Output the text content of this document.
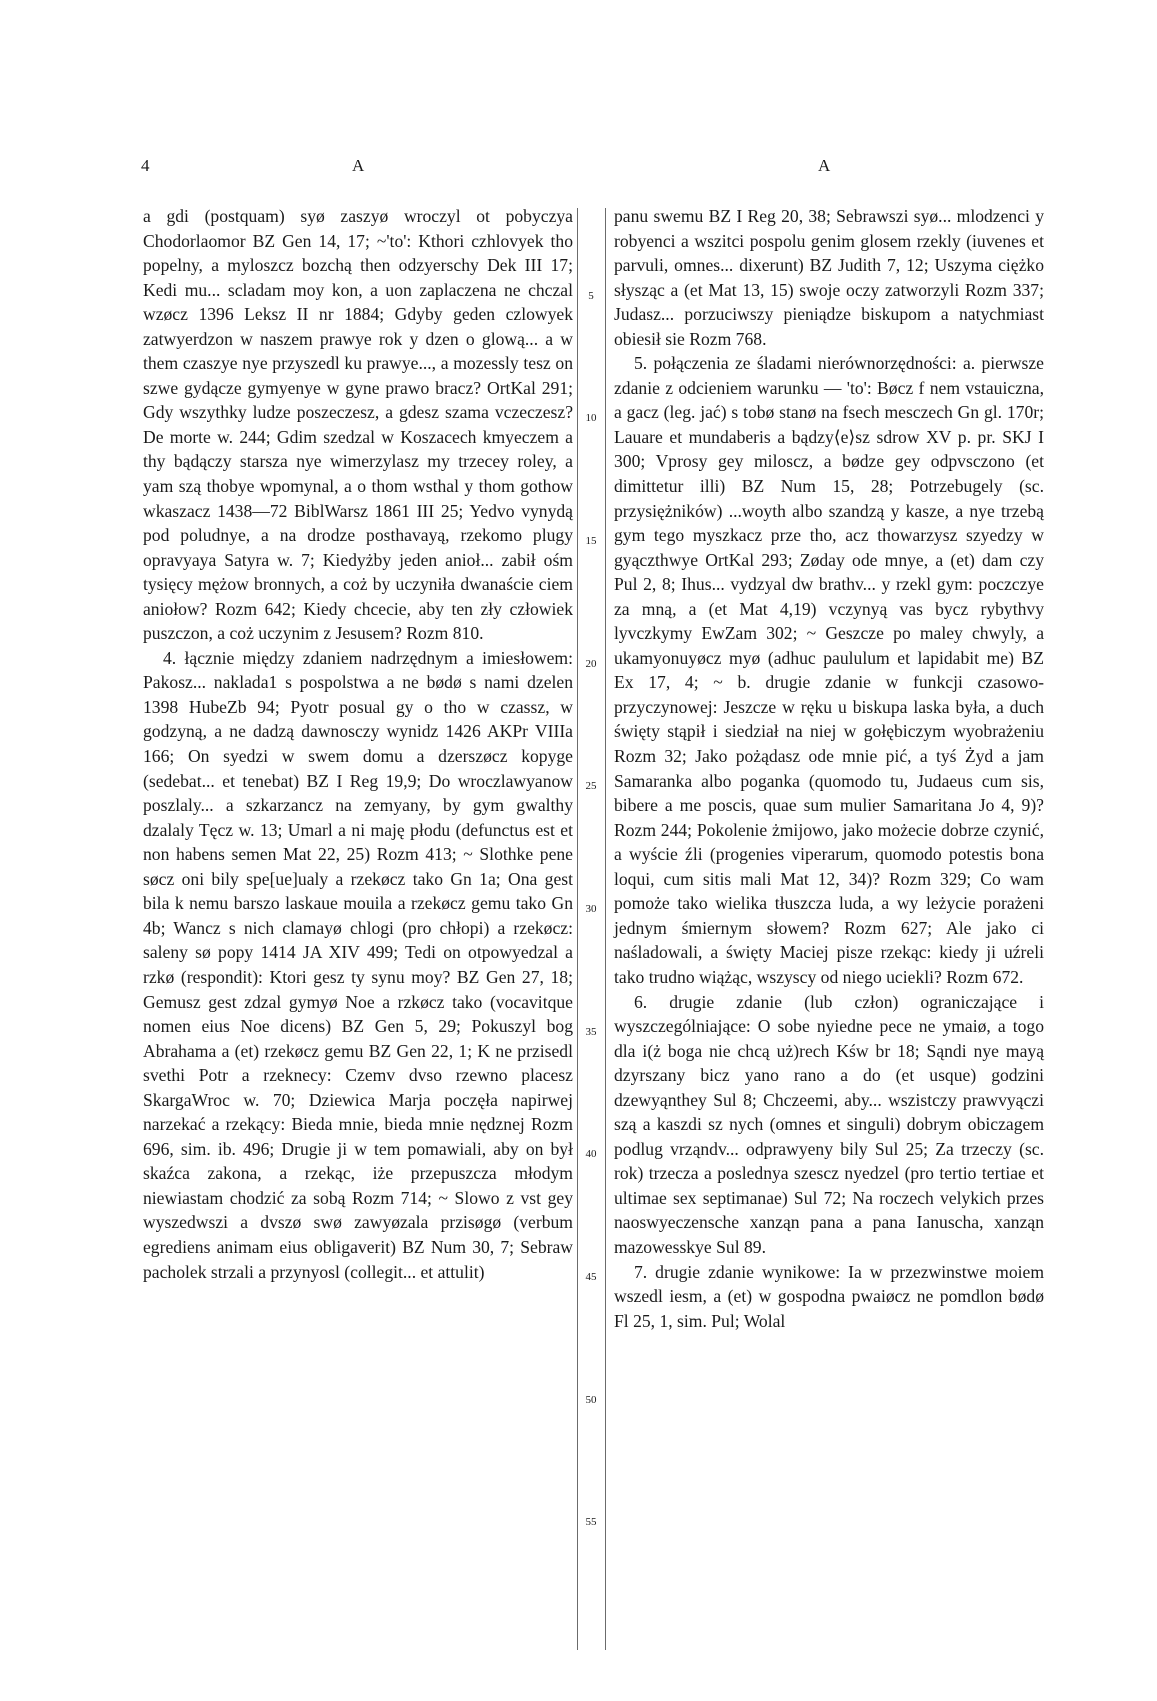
4	A	A

a gdi (postquam) syø zaszyø wroczyl ot pobyczya Chodorlaomor BZ Gen 14, 17; ~'to': Kthori czhlovyek tho popelny, a myloszcz bozchą then odzyerschy Dek III 17; Kedi mu... scladam moy kon, a uon zaplaczena ne chczal wzøcz 1396 Leksz II nr 1884; Gdyby geden czlowyek zatwyerdzon w naszem prawye rok y dzen o glową... a w them czaszye nye przyszedl ku prawye..., a mozessly tesz on szwe gydącze gymyenye w gyne prawo bracz? OrtKal 291; Gdy wszythky ludze poszeczesz, a gdesz szama vczeczesz? De morte w. 244; Gdim szedzal w Koszacech kmyeczem a thy bądączy starsza nye wimerzylasz my trzecey roley, a yam szą thobye wpomynal, a o thom wsthal y thom gothow wkaszacz 1438—72 BiblWarsz 1861 III 25; Yedvo vynydą pod poludnye, a na drodze posthavayą, rzekomo plugy opravyaya Satyra w. 7; Kiedyżby jeden anioł... zabił ośm tysięcy mężow bronnych, a coż by uczyniła dwanaście ciem aniołow? Rozm 642; Kiedy chcecie, aby ten zły człowiek puszczon, a coż uczynim z Jesusem? Rozm 810.

4. łącznie między zdaniem nadrzędnym a imiesłowem: Pakosz... naklada1 s pospolstwa a ne bødø s nami dzelen 1398 HubeZb 94; Pyotr posual gy o tho w czassz, w godzyną, a ne dadzą dawnosczy wynidz 1426 AKPr VIIIa 166; On syedzi w swem domu a dzerszøcz kopyge (sedebat... et tenebat) BZ I Reg 19,9; Do wroczlawyanow poszlaly... a szkarzancz na zemyany, by gym gwalthy dzalaly Tęcz w. 13; Umarl a ni maję płodu (defunctus est et non habens semen Mat 22, 25) Rozm 413; ~ Slothke pene søcz oni bily spe[ue]ualy a rzekøcz tako Gn 1a; Ona gest bila k nemu barszo laskaue mouila a rzekøcz gemu tako Gn 4b; Wancz s nich clamayø chlogi (pro chłopi) a rzekøcz: saleny sø popy 1414 JA XIV 499; Tedi on otpowyedzal a rzkø (respondit): Ktori gesz ty synu moy? BZ Gen 27, 18; Gemusz gest zdzal gymyø Noe a rzkøcz tako (vocavitque nomen eius Noe dicens) BZ Gen 5, 29; Pokuszyl bog Abrahama a (et) rzekøcz gemu BZ Gen 22, 1; K ne przisedl svethi Potr a rzeknecy: Czemv dvso rzewno placesz SkargaWroc w. 70; Dziewica Marja poczęła napirwej narzekać a rzekący: Bieda mnie, bieda mnie nędznej Rozm 696, sim. ib. 496; Drugie ji w tem pomawiali, aby on był skaźca zakona, a rzekąc, iże przepuszcza młodym niewiastam chodzić za sobą Rozm 714; ~ Slowo z vst gey wyszedwszi a dvszø swø zawyøzala przisøgø (verbum egrediens animam eius obligaverit) BZ Num 30, 7; Sebraw pacholek strzali a przynyosl (collegit... et attulit)

5
10
15
20
25
30
35
40
45
50
55

panu swemu BZ I Reg 20, 38; Sebrawszi syø... mlodzenci y robyenci a wszitci pospolu genim glosem rzekly (iuvenes et parvuli, omnes... dixerunt) BZ Judith 7, 12; Uszyma ciężko słysząc a (et Mat 13, 15) swoje oczy zatworzyli Rozm 337; Judasz... porzuciwszy pieniądze biskupom a natychmiast obiesił sie Rozm 768.

5. połączenia ze śladami nierównorzędności: a. pierwsze zdanie z odcieniem warunku — 'to': Bøcz f nem vstauiczna, a gacz (leg. jać) s tobø stanø na fsech mesczech Gn gl. 170r; Lauare et mundaberis a bądzy⟨e⟩sz sdrow XV p. pr. SKJ I 300; Vprosy gey miloscz, a bødze gey odpvsczono (et dimittetur illi) BZ Num 15, 28; Potrzebugely (sc. przysiężników) ...woyth albo szandzą y kasze, a nye trzebą gym tego myszkacz prze tho, acz thowarzysz szyedzy w gyączthwye OrtKal 293; Zøday ode mnye, a (et) dam czy Pul 2, 8; Ihus... vydzyal dw brathv... y rzekl gym: poczczye za mną, a (et Mat 4,19) vczynyą vas bycz rybythvy lyvczkymy EwZam 302; ~ Geszcze po maley chwyly, a ukamyonuyøcz myø (adhuc paululum et lapidabit me) BZ Ex 17, 4; ~ b. drugie zdanie w funkcji czasowo-przyczynowej: Jeszcze w ręku u biskupa laska była, a duch święty stąpił i siedział na niej w gołębiczym wyobrażeniu Rozm 32; Jako pożądasz ode mnie pić, a tyś Żyd a jam Samaranka albo poganka (quomodo tu, Judaeus cum sis, bibere a me poscis, quae sum mulier Samaritana Jo 4, 9)? Rozm 244; Pokolenie żmijowo, jako możecie dobrze czynić, a wyście źli (progenies viperarum, quomodo potestis bona loqui, cum sitis mali Mat 12, 34)? Rozm 329; Co wam pomoże tako wielika tłuszcza luda, a wy leżycie porażeni jednym śmiernym słowem? Rozm 627; Ale jako ci naśladowali, a święty Maciej pisze rzekąc: kiedy ji uźreli tako trudno wiążąc, wszyscy od niego uciekli? Rozm 672.

6. drugie zdanie (lub człon) ograniczające i wyszczególniające: O sobe nyiedne pece ne ymaiø, a togo dla i(ż boga nie chcą uż)rech Kśw br 18; Sąndi nye mayą dzyrszany bicz yano rano a do (et usque) godzini dzewyąnthey Sul 8; Chczeemi, aby... wszistczy prawvyączi szą a kaszdi sz nych (omnes et singuli) dobrym obiczagem podlug vrząndv... odprawyeny bily Sul 25; Za trzeczy (sc. rok) trzecza a poslednya szescz nyedzel (pro tertio tertiae et ultimae sex septimanae) Sul 72; Na roczech velykich przes naoswyeczensche xanząn pana a pana Ianuscha, xanząn mazowesskye Sul 89.

7. drugie zdanie wynikowe: Ia w przezwinstwe moiem wszedl iesm, a (et) w gospodna pwaiøcz ne pomdlon bødø Fl 25, 1, sim. Pul; Wolal
